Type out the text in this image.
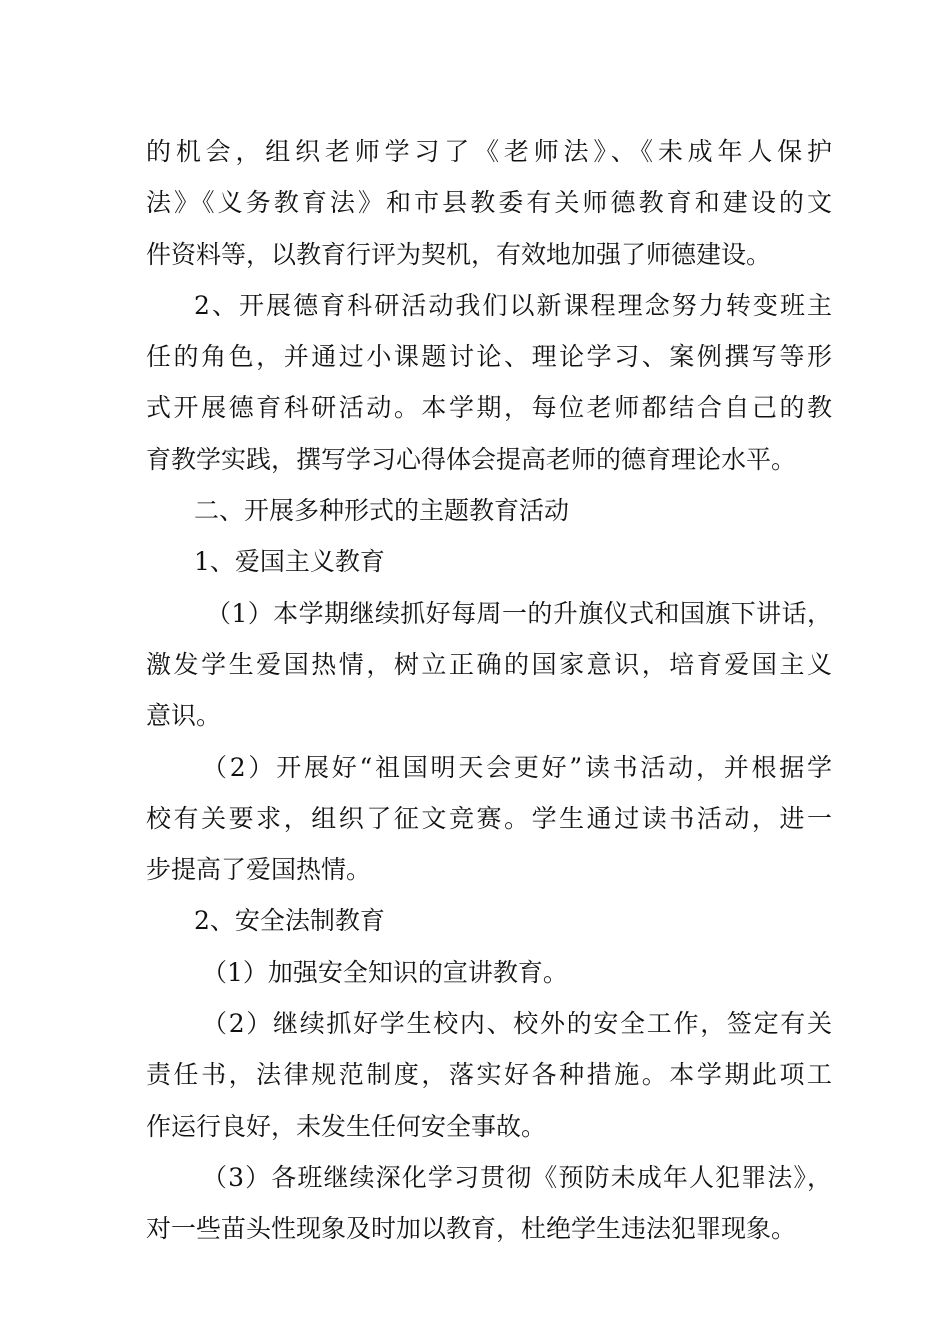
的机会，组织老师学习了《老师法》、《未成年人保护
法》《义务教育法》和市县教委有关师德教育和建设的文
件资料等，以教育行评为契机，有效地加强了师德建设。

2、开展德育科研活动我们以新课程理念努力转变班主
任的角色，并通过小课题讨论、理论学习、案例撰写等形
式开展德育科研活动。本学期，每位老师都结合自己的教
育教学实践，撰写学习心得体会提高老师的德育理论水平。

二、开展多种形式的主题教育活动

1、爱国主义教育

（1）本学期继续抓好每周一的升旗仪式和国旗下讲话，
激发学生爱国热情，树立正确的国家意识，培育爱国主义
意识。

（2）开展好“祖国明天会更好”读书活动，并根据学
校有关要求，组织了征文竞赛。学生通过读书活动，进一
步提高了爱国热情。

2、安全法制教育

（1）加强安全知识的宣讲教育。

（2）继续抓好学生校内、校外的安全工作，签定有关
责任书，法律规范制度，落实好各种措施。本学期此项工
作运行良好，未发生任何安全事故。

（3）各班继续深化学习贯彻《预防未成年人犯罪法》，
对一些苗头性现象及时加以教育，杜绝学生违法犯罪现象。
